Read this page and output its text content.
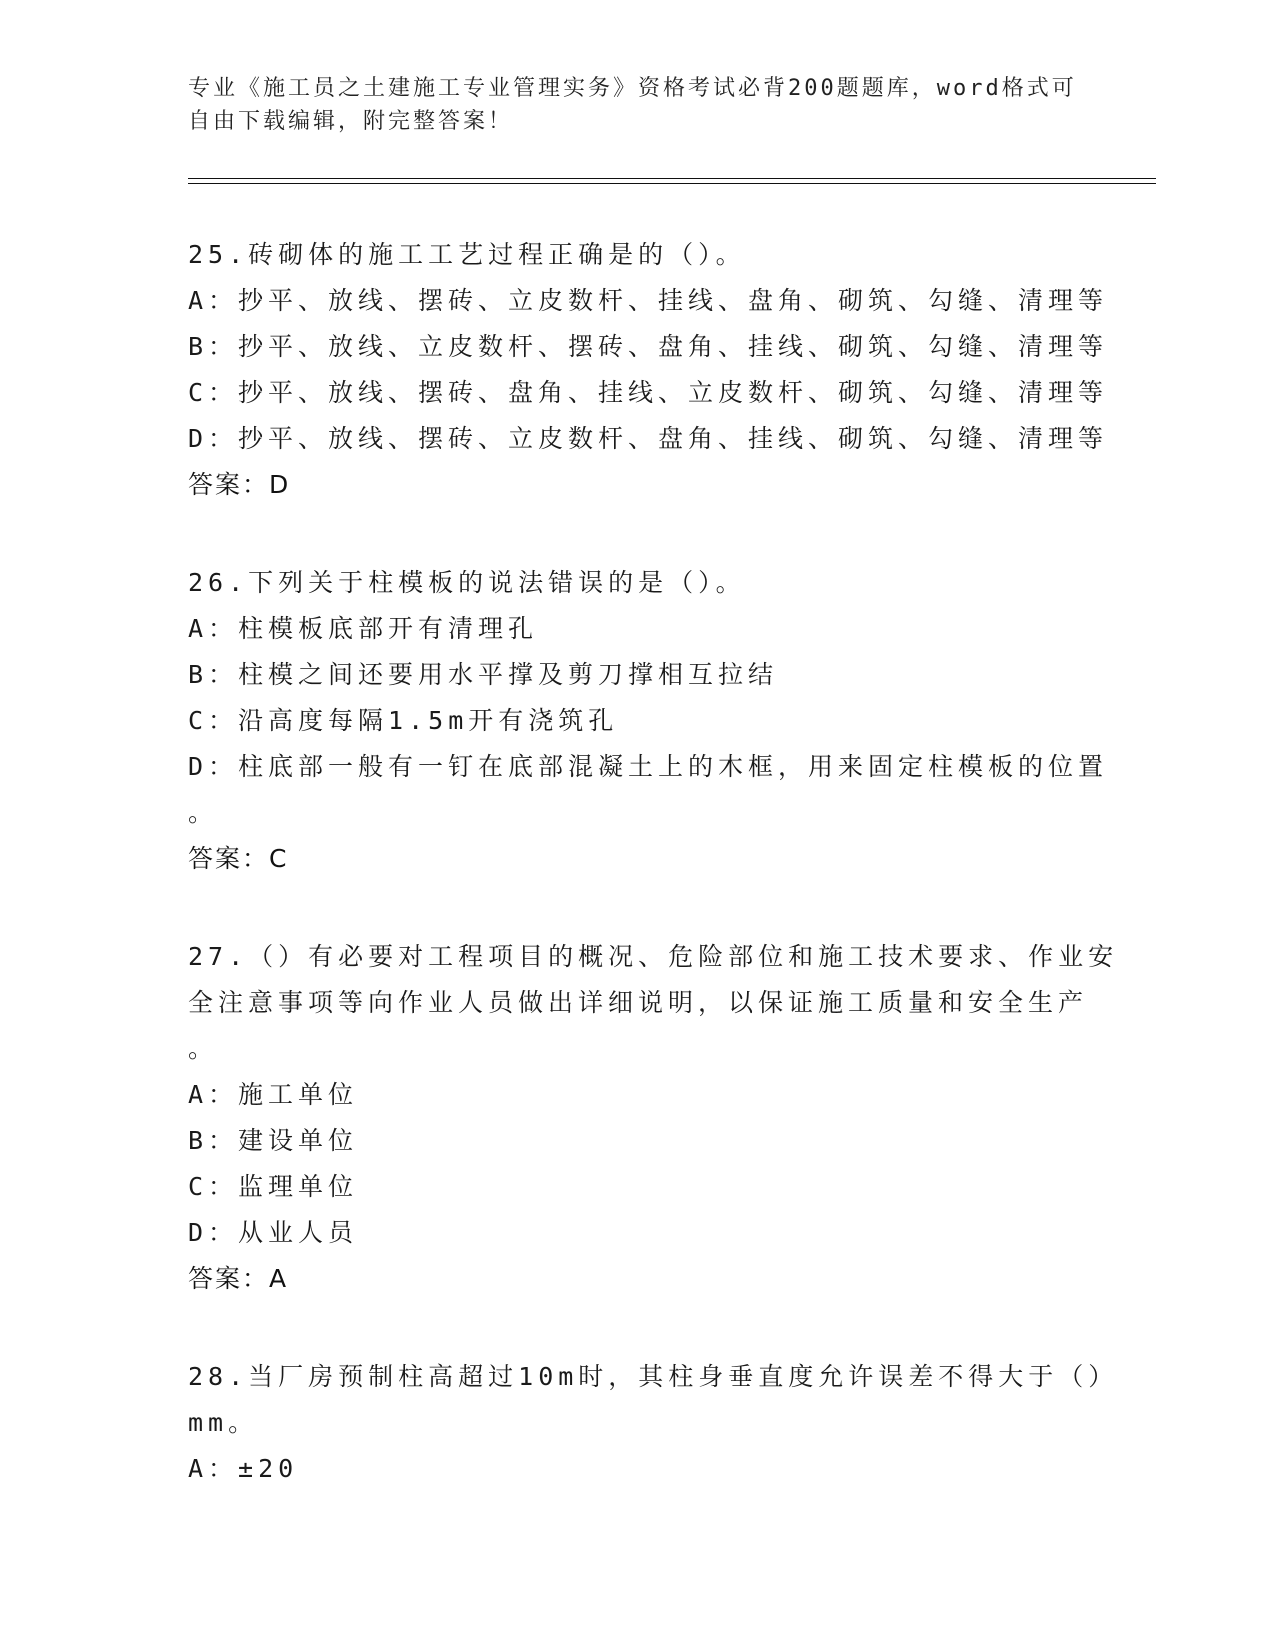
专业《施工员之土建施工专业管理实务》资格考试必背200题题库，word格式可
自由下载编辑，附完整答案！
25.砖砌体的施工工艺过程正确是的（）。
A：抄平、放线、摆砖、立皮数杆、挂线、盘角、砌筑、勾缝、清理等
B：抄平、放线、立皮数杆、摆砖、盘角、挂线、砌筑、勾缝、清理等
C：抄平、放线、摆砖、盘角、挂线、立皮数杆、砌筑、勾缝、清理等
D：抄平、放线、摆砖、立皮数杆、盘角、挂线、砌筑、勾缝、清理等
答案：D
26.下列关于柱模板的说法错误的是（）。
A：柱模板底部开有清理孔
B：柱模之间还要用水平撑及剪刀撑相互拉结
C：沿高度每隔1.5m开有浇筑孔
D：柱底部一般有一钉在底部混凝土上的木框，用来固定柱模板的位置
。
答案：C
27.（）有必要对工程项目的概况、危险部位和施工技术要求、作业安
全注意事项等向作业人员做出详细说明，以保证施工质量和安全生产
。
A：施工单位
B：建设单位
C：监理单位
D：从业人员
答案：A
28.当厂房预制柱高超过10m时，其柱身垂直度允许误差不得大于（）
mm。
A：±20
